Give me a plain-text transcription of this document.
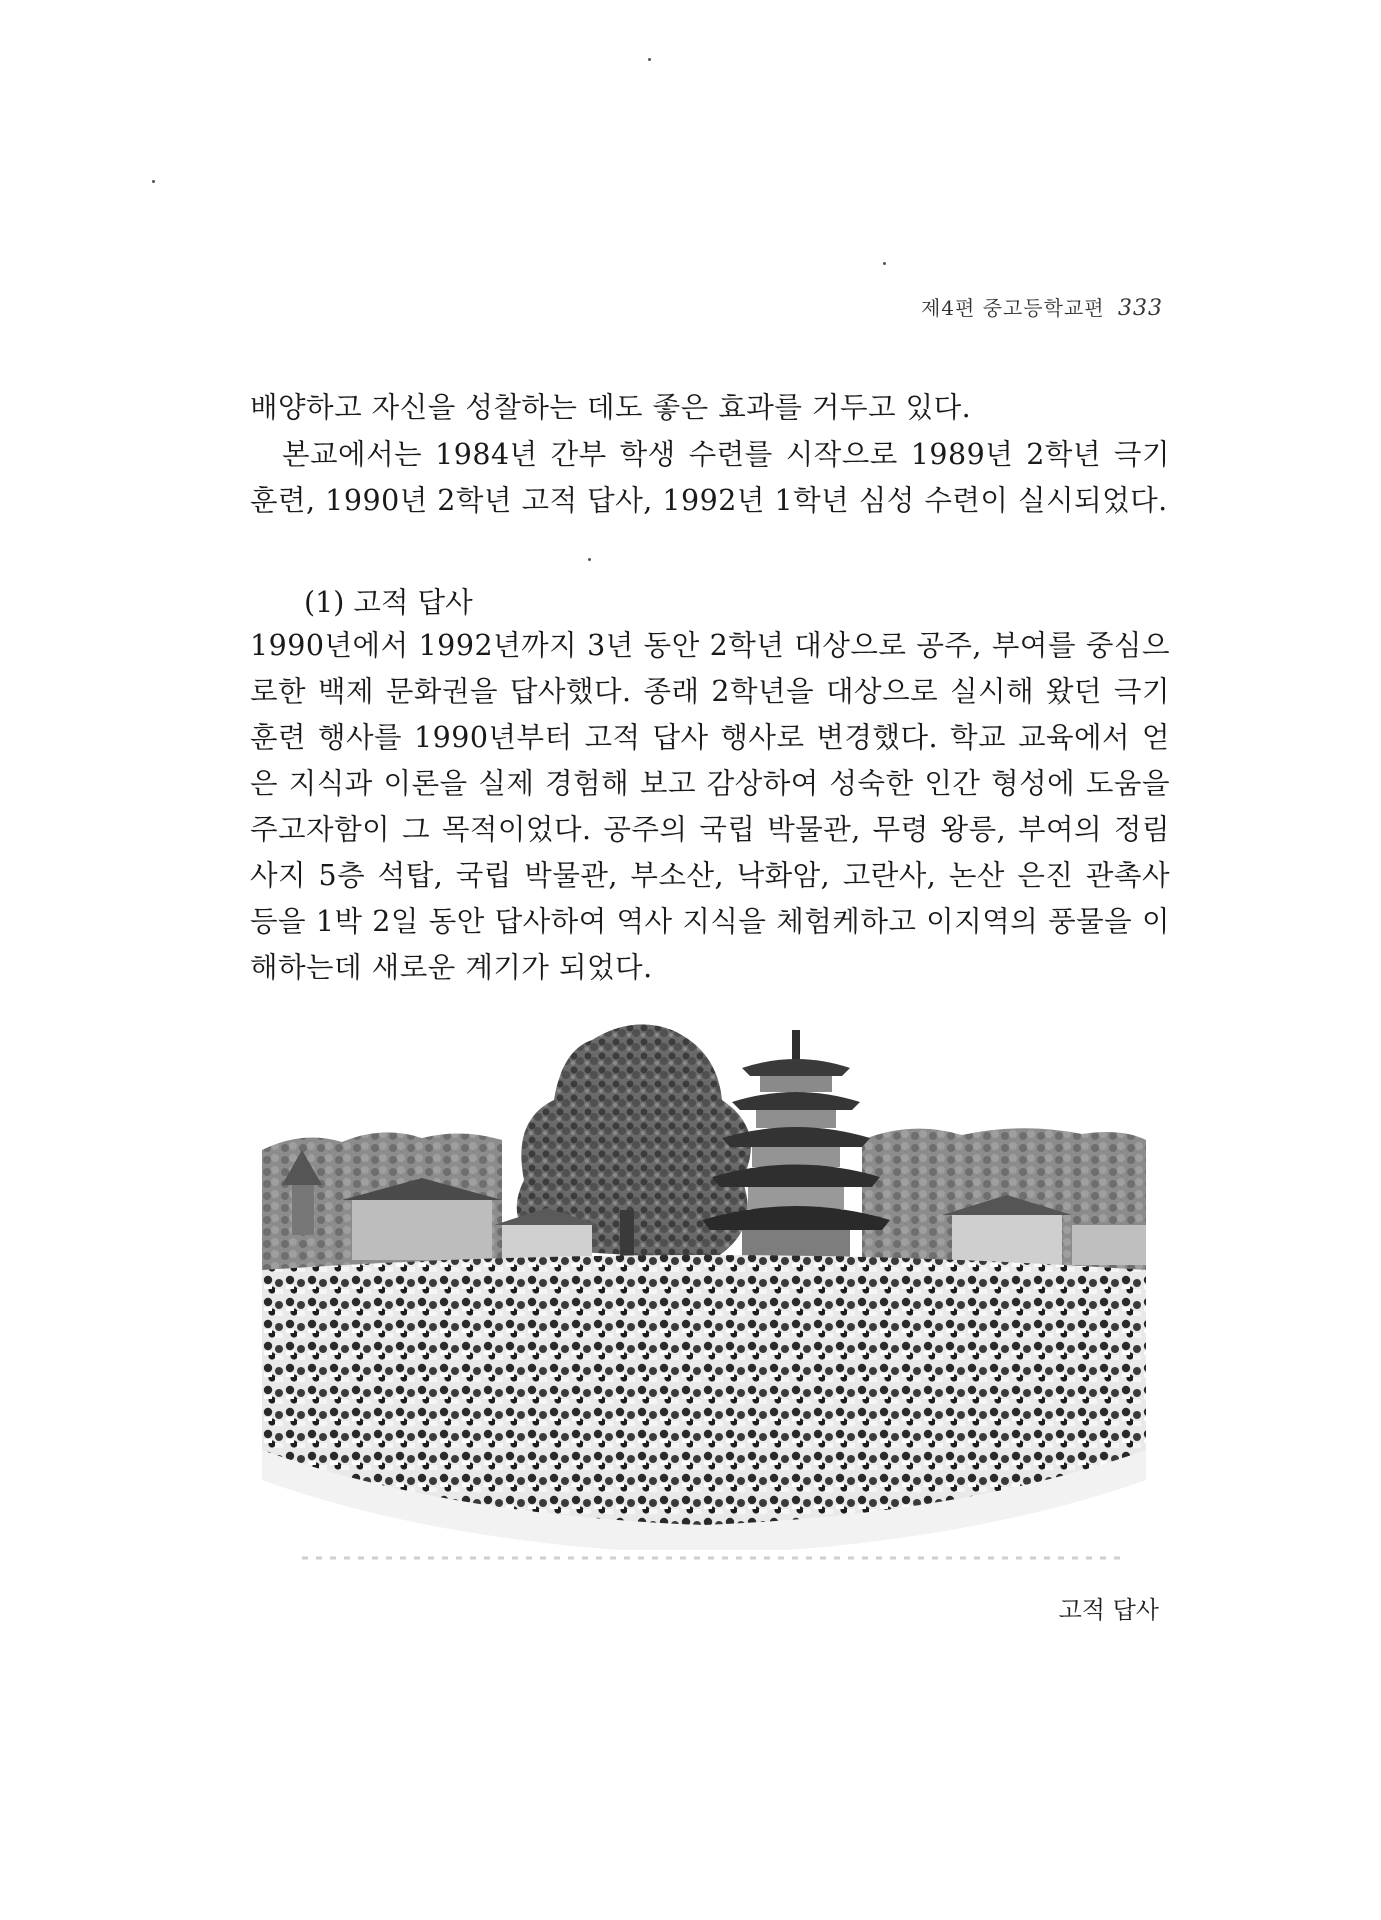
제4편 중고등학교편 333

배양하고 자신을 성찰하는 데도 좋은 효과를 거두고 있다.

본교에서는 1984년 간부 학생 수련를 시작으로 1989년 2학년 극기훈련, 1990년 2학년 고적 답사, 1992년 1학년 심성 수련이 실시되었다.

(1) 고적 답사

1990년에서 1992년까지 3년 동안 2학년 대상으로 공주, 부여를 중심으로한 백제 문화권을 답사했다. 종래 2학년을 대상으로 실시해 왔던 극기훈련 행사를 1990년부터 고적 답사 행사로 변경했다. 학교 교육에서 얻은 지식과 이론을 실제 경험해 보고 감상하여 성숙한 인간 형성에 도움을 주고자함이 그 목적이었다. 공주의 국립 박물관, 무령 왕릉, 부여의 정림 사지 5층 석탑, 국립 박물관, 부소산, 낙화암, 고란사, 논산 은진 관촉사 등을 1박 2일 동안 답사하여 역사 지식을 체험케하고 이지역의 풍물을 이해하는데 새로운 계기가 되었다.

고적 답사
